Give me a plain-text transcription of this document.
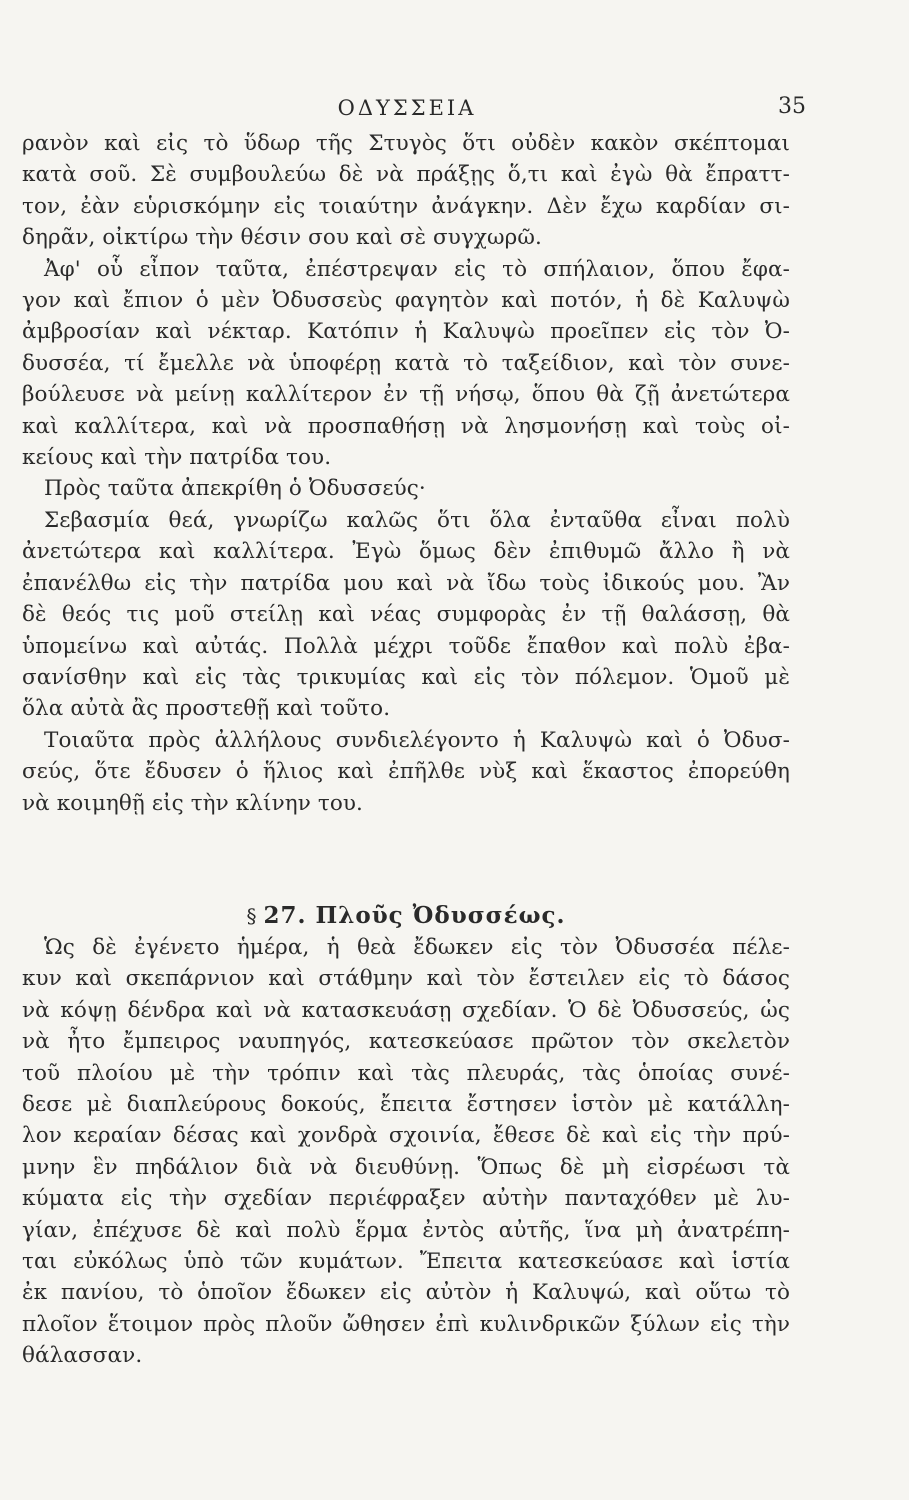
ΟΔΥΣΣΕΙΑ	35
ρανὸν καὶ εἰς τὸ ὕδωρ τῆς Στυγὸς ὅτι οὐδὲν κακὸν σκέπτομαι
κατὰ σοῦ. Σὲ συμβουλεύω δὲ νὰ πράξῃς ὅ,τι καὶ ἐγὼ θὰ ἔπραττ-
τον, ἐὰν εὑρισκόμην εἰς τοιαύτην ἀνάγκην. Δὲν ἔχω καρδίαν σι-
δηρᾶν, οἰκτίρω τὴν θέσιν σου καὶ σὲ συγχωρῶ.
Ἀφ' οὗ εἶπον ταῦτα, ἐπέστρεψαν εἰς τὸ σπήλαιον, ὅπου ἔφα-
γον καὶ ἔπιον ὁ μὲν Ὀδυσσεὺς φαγητὸν καὶ ποτόν, ἡ δὲ Καλυψὼ
ἀμβροσίαν καὶ νέκταρ. Κατόπιν ἡ Καλυψὼ προεῖπεν εἰς τὸν Ὀ-
δυσσέα, τί ἔμελλε νὰ ὑποφέρῃ κατὰ τὸ ταξείδιον, καὶ τὸν συνε-
βούλευσε νὰ μείνῃ καλλίτερον ἐν τῇ νήσῳ, ὅπου θὰ ζῇ ἀνετώτερα
καὶ καλλίτερα, καὶ νὰ προσπαθήσῃ νὰ λησμονήσῃ καὶ τοὺς οἰ-
κείους καὶ τὴν πατρίδα του.
Πρὸς ταῦτα ἀπεκρίθη ὁ Ὀδυσσεύς·
Σεβασμία θεά, γνωρίζω καλῶς ὅτι ὅλα ἐνταῦθα εἶναι πολὺ
ἀνετώτερα καὶ καλλίτερα. Ἐγὼ ὅμως δὲν ἐπιθυμῶ ἄλλο ἢ νὰ
ἐπανέλθω εἰς τὴν πατρίδα μου καὶ νὰ ἴδω τοὺς ἰδικούς μου. Ἂν
δὲ θεός τις μοῦ στείλῃ καὶ νέας συμφορὰς ἐν τῇ θαλάσσῃ, θὰ
ὑπομείνω καὶ αὐτάς. Πολλὰ μέχρι τοῦδε ἔπαθον καὶ πολὺ ἐβα-
σανίσθην καὶ εἰς τὰς τρικυμίας καὶ εἰς τὸν πόλεμον. Ὁμοῦ μὲ
ὅλα αὐτὰ ἂς προστεθῇ καὶ τοῦτο.
Τοιαῦτα πρὸς ἀλλήλους συνδιελέγοντο ἡ Καλυψὼ καὶ ὁ Ὀδυσ-
σεύς, ὅτε ἔδυσεν ὁ ἥλιος καὶ ἐπῆλθε νὺξ καὶ ἕκαστος ἐπορεύθη
νὰ κοιμηθῇ εἰς τὴν κλίνην του.
§ 27. Πλοῦς Ὀδυσσέως.
Ὡς δὲ ἐγένετο ἡμέρα, ἡ θεὰ ἔδωκεν εἰς τὸν Ὀδυσσέα πέλε-
κυν καὶ σκεπάρνιον καὶ στάθμην καὶ τὸν ἔστειλεν εἰς τὸ δάσος
νὰ κόψῃ δένδρα καὶ νὰ κατασκευάσῃ σχεδίαν. Ὁ δὲ Ὀδυσσεύς, ὡς
νὰ ἦτο ἔμπειρος ναυπηγός, κατεσκεύασε πρῶτον τὸν σκελετὸν
τοῦ πλοίου μὲ τὴν τρόπιν καὶ τὰς πλευράς, τὰς ὁποίας συνέ-
δεσε μὲ διαπλεύρους δοκούς, ἔπειτα ἔστησεν ἱστὸν μὲ κατάλλη-
λον κεραίαν δέσας καὶ χονδρὰ σχοινία, ἔθεσε δὲ καὶ εἰς τὴν πρύ-
μνην ἓν πηδάλιον διὰ νὰ διευθύνῃ. Ὅπως δὲ μὴ εἰσρέωσι τὰ
κύματα εἰς τὴν σχεδίαν περιέφραξεν αὐτὴν πανταχόθεν μὲ λυ-
γίαν, ἐπέχυσε δὲ καὶ πολὺ ἕρμα ἐντὸς αὐτῆς, ἵνα μὴ ἀνατρέπη-
ται εὐκόλως ὑπὸ τῶν κυμάτων. Ἔπειτα κατεσκεύασε καὶ ἱστία
ἐκ πανίου, τὸ ὁποῖον ἔδωκεν εἰς αὐτὸν ἡ Καλυψώ, καὶ οὕτω τὸ
πλοῖον ἕτοιμον πρὸς πλοῦν ὤθησεν ἐπὶ κυλινδρικῶν ξύλων εἰς τὴν
θάλασσαν.
